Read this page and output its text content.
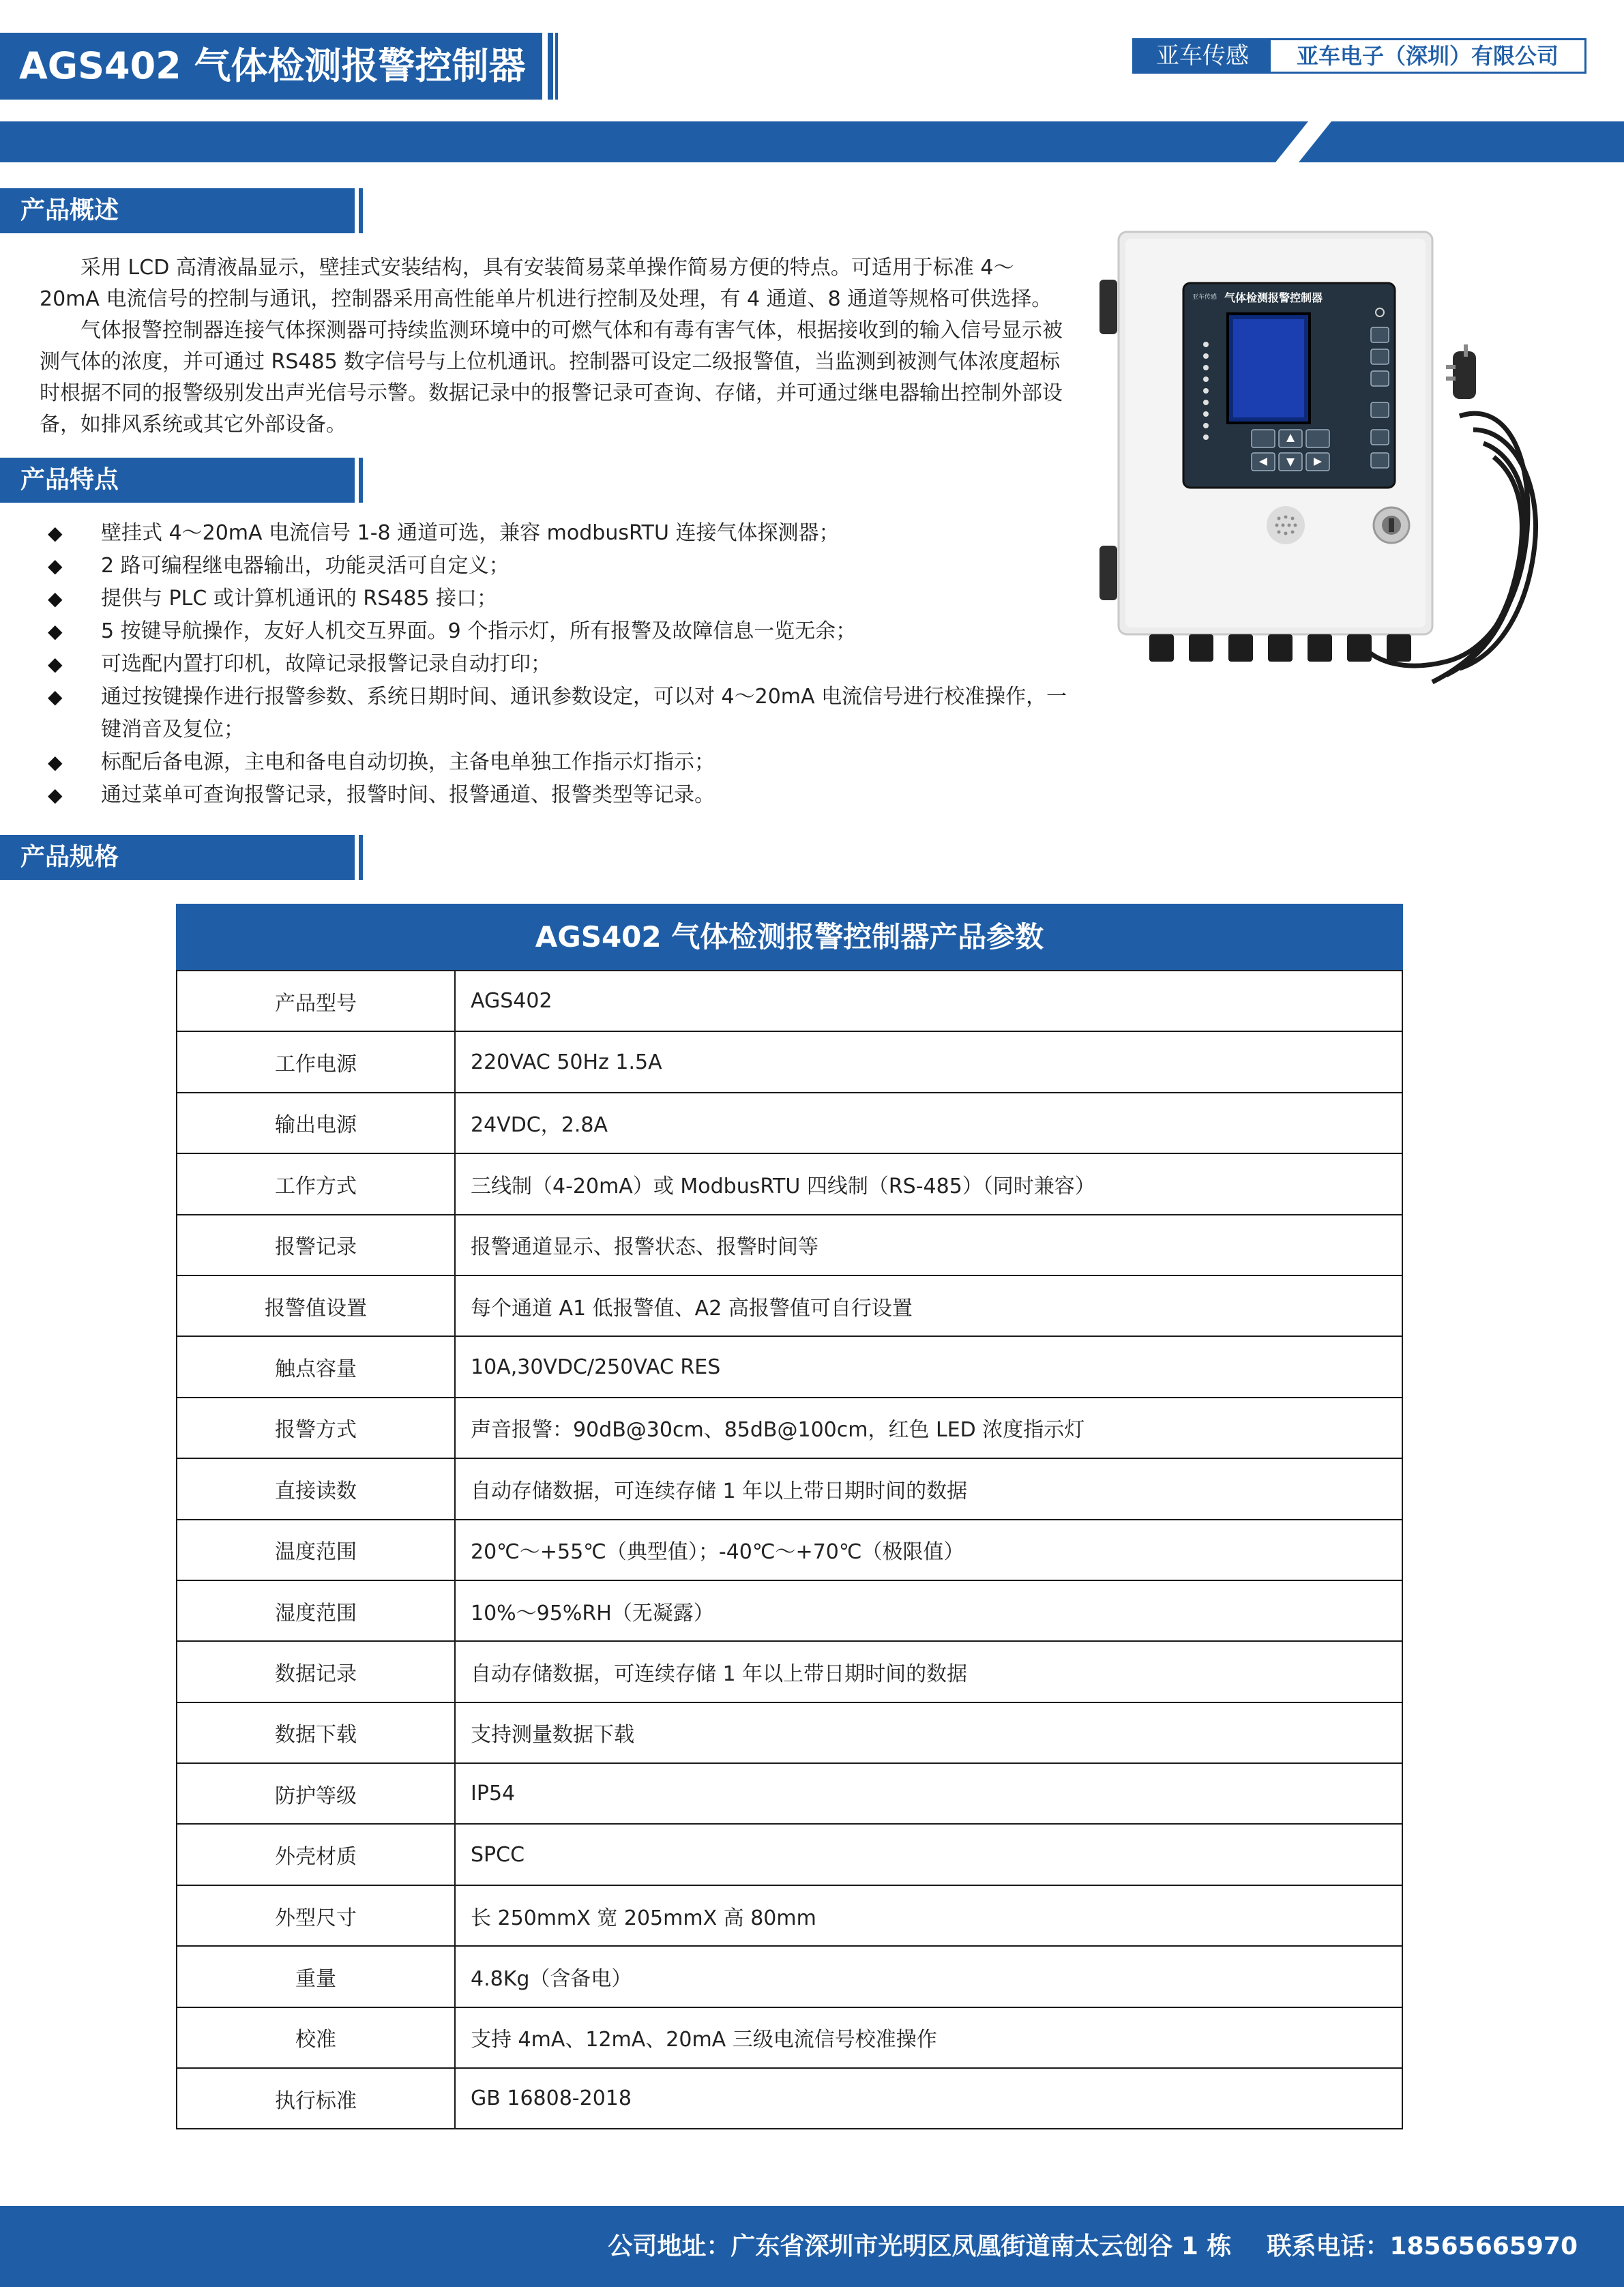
AGS402 气体检测报警控制器	亚车传感	亚车电子（深圳）有限公司
产品概述

采用 LCD 高清液晶显示，壁挂式安装结构，具有安装简易菜单操作简易方便的特点。可适用于标准 4～20mA 电流信号的控制与通讯，控制器采用高性能单片机进行控制及处理，有 4 通道、8 通道等规格可供选择。

气体报警控制器连接气体探测器可持续监测环境中的可燃气体和有毒有害气体，根据接收到的输入信号显示被测气体的浓度，并可通过 RS485 数字信号与上位机通讯。控制器可设定二级报警值，当监测到被测气体浓度超标时根据不同的报警级别发出声光信号示警。数据记录中的报警记录可查询、存储，并可通过继电器输出控制外部设备，如排风系统或其它外部设备。

产品特点
◆ 壁挂式 4～20mA 电流信号 1-8 通道可选，兼容 modbusRTU 连接气体探测器；
◆ 2 路可编程继电器输出，功能灵活可自定义；
◆ 提供与 PLC 或计算机通讯的 RS485 接口；
◆ 5 按键导航操作，友好人机交互界面。9 个指示灯，所有报警及故障信息一览无余；
◆ 可选配内置打印机，故障记录报警记录自动打印；
◆ 通过按键操作进行报警参数、系统日期时间、通讯参数设定，可以对 4～20mA 电流信号进行校准操作，一键消音及复位；
◆ 标配后备电源，主电和备电自动切换，主备电单独工作指示灯指示；
◆ 通过菜单可查询报警记录，报警时间、报警通道、报警类型等记录。
亚车传感 气体检测报警控制器
产品规格
AGS402 气体检测报警控制器产品参数
产品型号	AGS402
工作电源	220VAC 50Hz 1.5A
输出电源	24VDC，2.8A
工作方式	三线制（4-20mA）或 ModbusRTU 四线制（RS-485）（同时兼容）
报警记录	报警通道显示、报警状态、报警时间等
报警值设置	每个通道 A1 低报警值、A2 高报警值可自行设置
触点容量	10A,30VDC/250VAC RES
报警方式	声音报警：90dB@30cm、85dB@100cm，红色 LED 浓度指示灯
直接读数	自动存储数据，可连续存储 1 年以上带日期时间的数据
温度范围	20℃～+55℃（典型值）；-40℃～+70℃（极限值）
湿度范围	10%～95%RH（无凝露）
数据记录	自动存储数据，可连续存储 1 年以上带日期时间的数据
数据下载	支持测量数据下载
防护等级	IP54
外壳材质	SPCC
外型尺寸	长 250mmX 宽 205mmX 高 80mm
重量	4.8Kg（含备电）
校准	支持 4mA、12mA、20mA 三级电流信号校准操作
执行标准	GB 16808-2018
公司地址：广东省深圳市光明区凤凰街道南太云创谷 1 栋 联系电话：18565665970
